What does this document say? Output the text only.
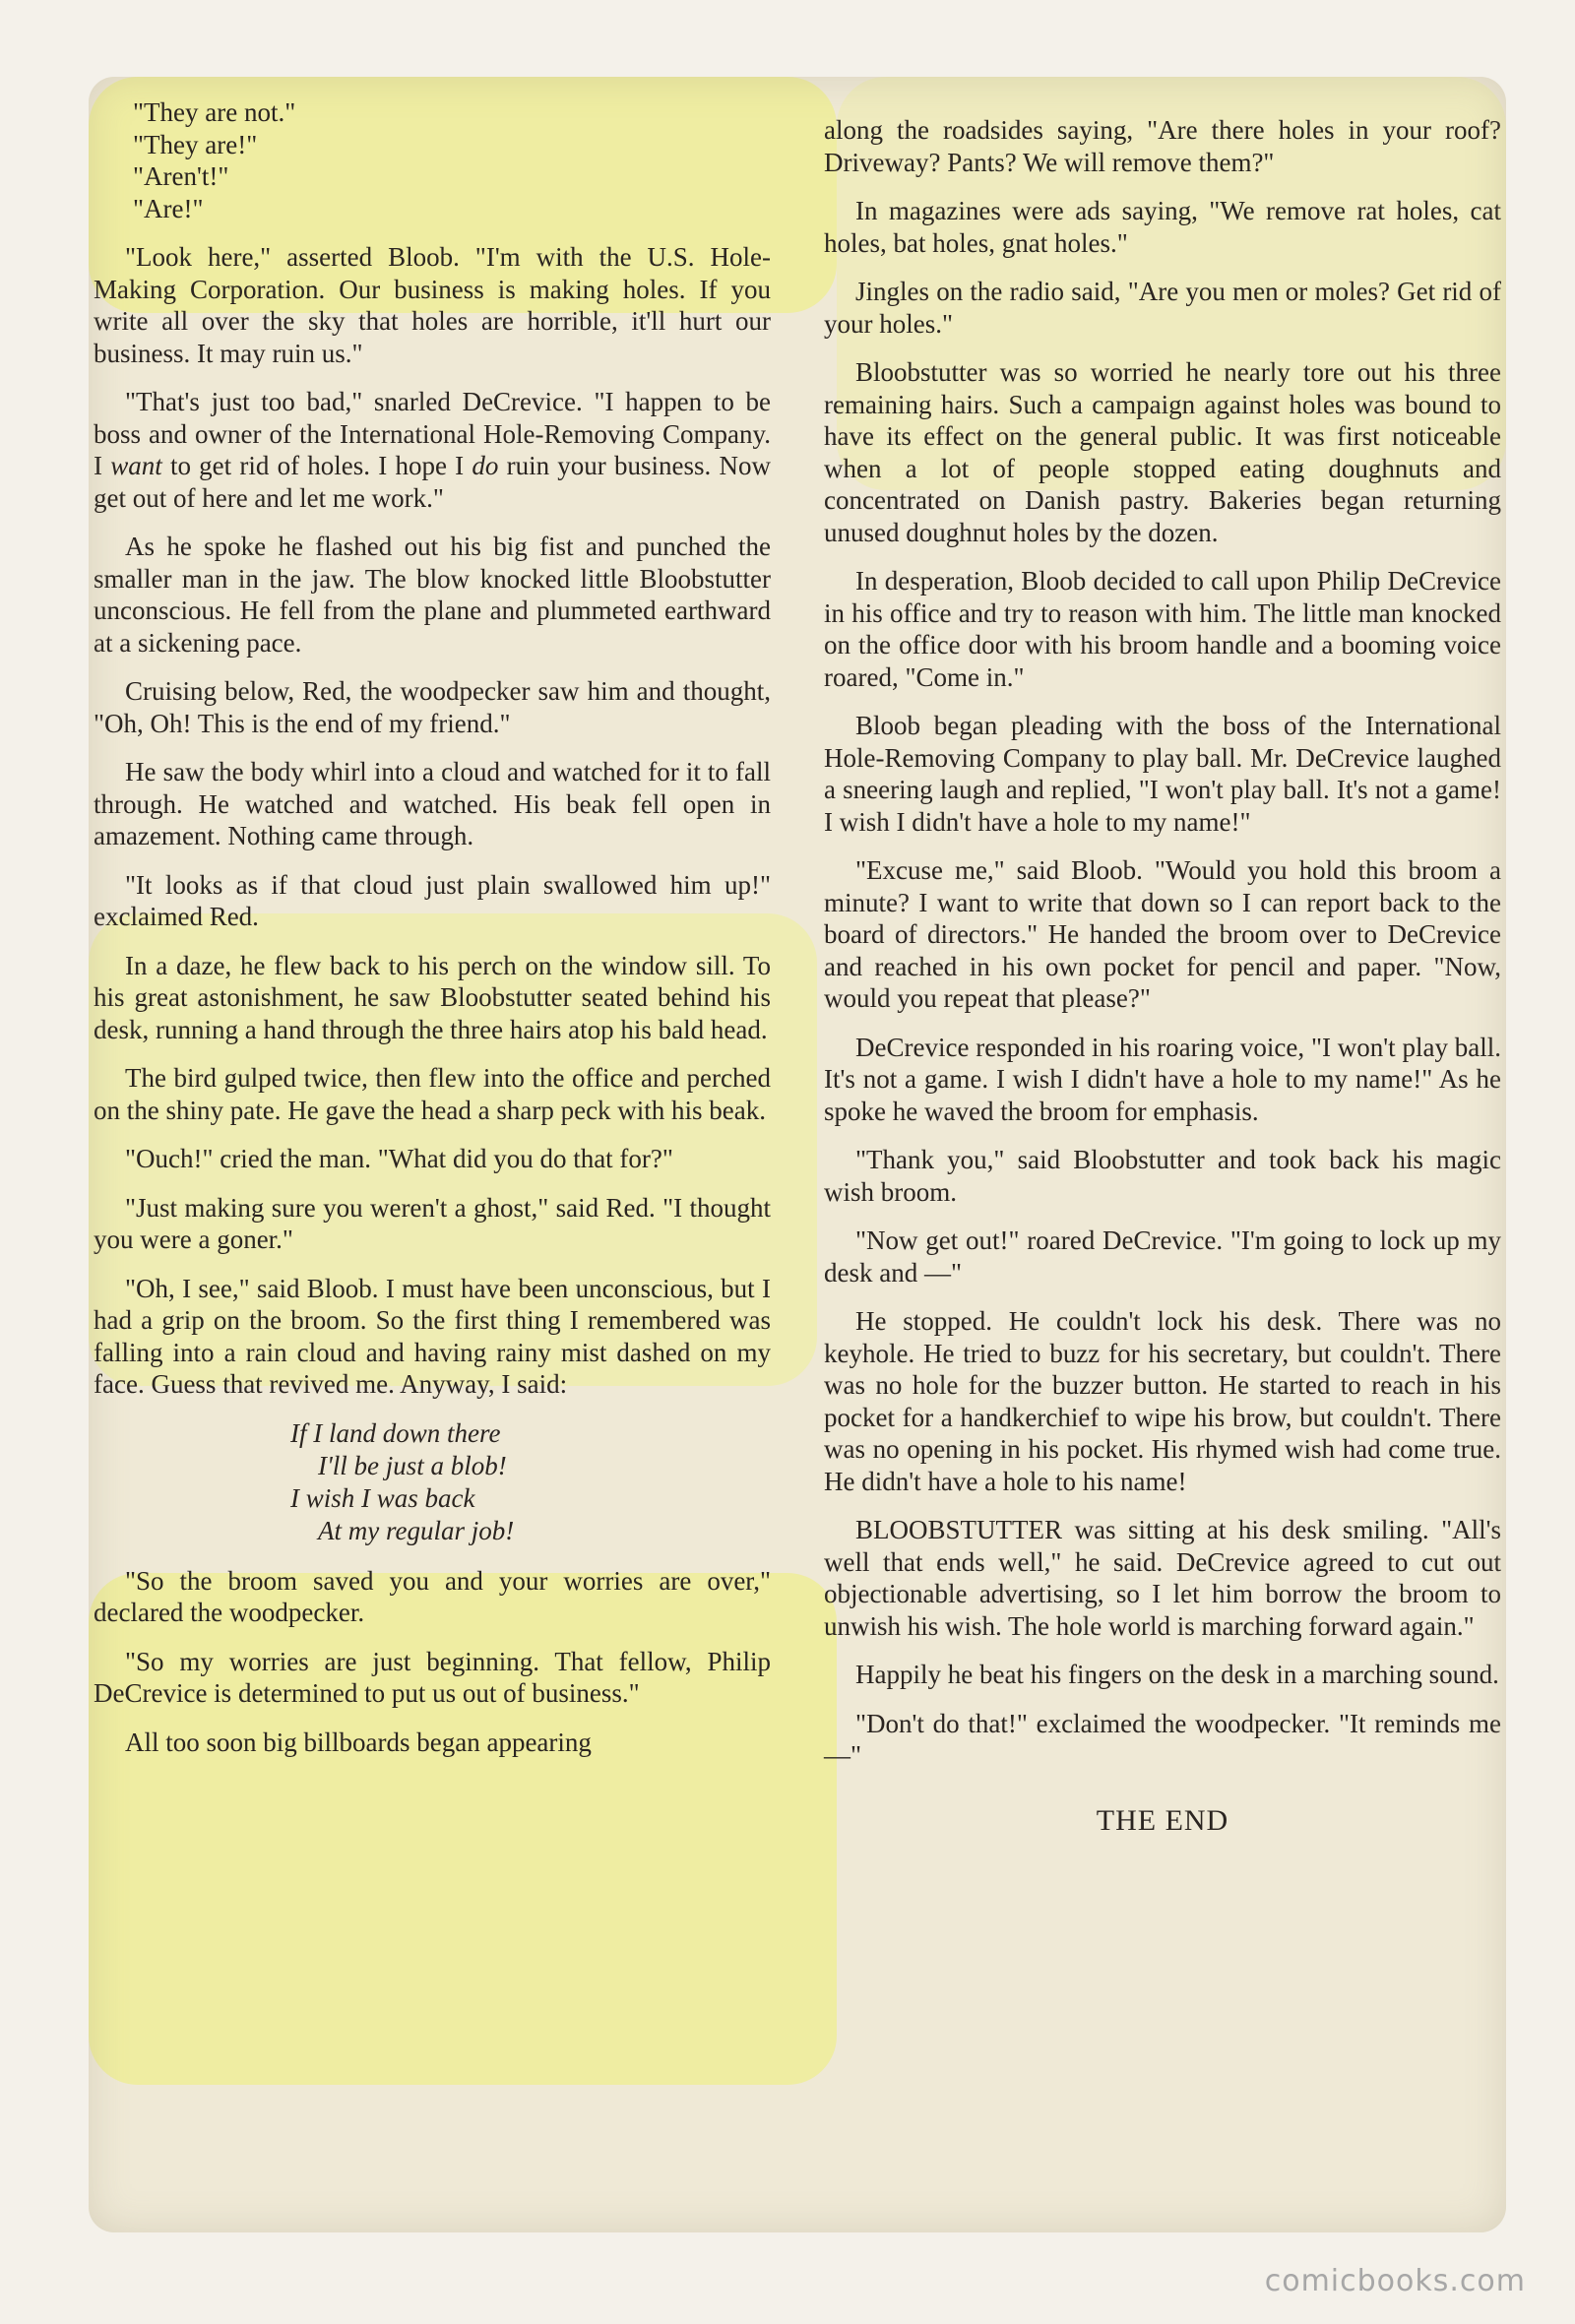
"They are not."
"They are!"
"Aren't!"
"Are!"

"Look here," asserted Bloob. "I'm with the U.S. Hole-Making Corporation. Our business is making holes. If you write all over the sky that holes are horrible, it'll hurt our business. It may ruin us."

"That's just too bad," snarled DeCrevice. "I happen to be boss and owner of the International Hole-Removing Company. I want to get rid of holes. I hope I do ruin your business. Now get out of here and let me work."

As he spoke he flashed out his big fist and punched the smaller man in the jaw. The blow knocked little Bloobstutter unconscious. He fell from the plane and plummeted earthward at a sickening pace.

Cruising below, Red, the woodpecker saw him and thought, "Oh, Oh! This is the end of my friend."

He saw the body whirl into a cloud and watched for it to fall through. He watched and watched. His beak fell open in amazement. Nothing came through.

"It looks as if that cloud just plain swallowed him up!" exclaimed Red.

In a daze, he flew back to his perch on the window sill. To his great astonishment, he saw Bloobstutter seated behind his desk, running a hand through the three hairs atop his bald head.

The bird gulped twice, then flew into the office and perched on the shiny pate. He gave the head a sharp peck with his beak.

"Ouch!" cried the man. "What did you do that for?"

"Just making sure you weren't a ghost," said Red. "I thought you were a goner."

"Oh, I see," said Bloob. I must have been unconscious, but I had a grip on the broom. So the first thing I remembered was falling into a rain cloud and having rainy mist dashed on my face. Guess that revived me. Anyway, I said:

If I land down there
I'll be just a blob!
I wish I was back
At my regular job!

"So the broom saved you and your worries are over," declared the woodpecker.

"So my worries are just beginning. That fellow, Philip DeCrevice is determined to put us out of business."

All too soon big billboards began appearing

along the roadsides saying, "Are there holes in your roof? Driveway? Pants? We will remove them?"

In magazines were ads saying, "We remove rat holes, cat holes, bat holes, gnat holes."

Jingles on the radio said, "Are you men or moles? Get rid of your holes."

Bloobstutter was so worried he nearly tore out his three remaining hairs. Such a campaign against holes was bound to have its effect on the general public. It was first noticeable when a lot of people stopped eating doughnuts and concentrated on Danish pastry. Bakeries began returning unused doughnut holes by the dozen.

In desperation, Bloob decided to call upon Philip DeCrevice in his office and try to reason with him. The little man knocked on the office door with his broom handle and a booming voice roared, "Come in."

Bloob began pleading with the boss of the International Hole-Removing Company to play ball. Mr. DeCrevice laughed a sneering laugh and replied, "I won't play ball. It's not a game! I wish I didn't have a hole to my name!"

"Excuse me," said Bloob. "Would you hold this broom a minute? I want to write that down so I can report back to the board of directors." He handed the broom over to DeCrevice and reached in his own pocket for pencil and paper. "Now, would you repeat that please?"

DeCrevice responded in his roaring voice, "I won't play ball. It's not a game. I wish I didn't have a hole to my name!" As he spoke he waved the broom for emphasis.

"Thank you," said Bloobstutter and took back his magic wish broom.

"Now get out!" roared DeCrevice. "I'm going to lock up my desk and —"

He stopped. He couldn't lock his desk. There was no keyhole. He tried to buzz for his secretary, but couldn't. There was no hole for the buzzer button. He started to reach in his pocket for a handkerchief to wipe his brow, but couldn't. There was no opening in his pocket. His rhymed wish had come true. He didn't have a hole to his name!

BLOOBSTUTTER was sitting at his desk smiling. "All's well that ends well," he said. DeCrevice agreed to cut out objectionable advertising, so I let him borrow the broom to unwish his wish. The hole world is marching forward again."

Happily he beat his fingers on the desk in a marching sound.

"Don't do that!" exclaimed the woodpecker. "It reminds me —"

THE END
comicbooks.com
